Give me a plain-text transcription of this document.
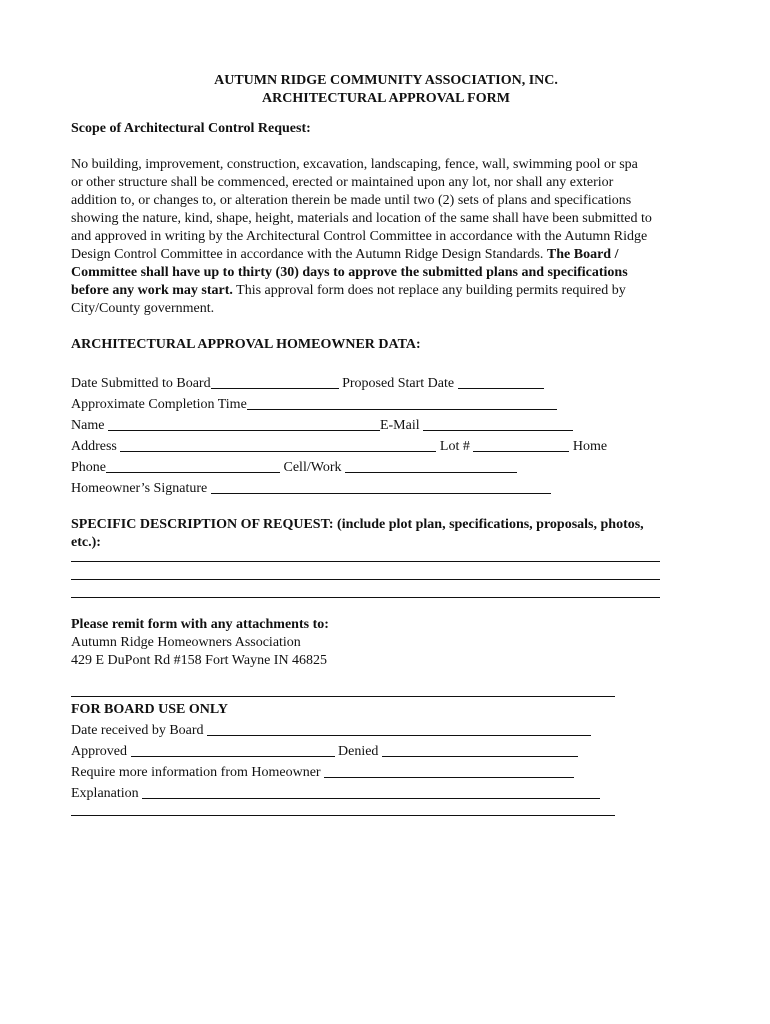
AUTUMN RIDGE COMMUNITY ASSOCIATION, INC.

ARCHITECTURAL APPROVAL FORM

Scope of Architectural Control Request:

No building, improvement, construction, excavation, landscaping, fence, wall, swimming pool or spa

or other structure shall be commenced, erected or maintained upon any lot, nor shall any exterior

addition to, or changes to, or alteration therein be made until two (2) sets of plans and specifications

showing the nature, kind, shape, height, materials and location of the same shall have been submitted to

and approved in writing by the Architectural Control Committee in accordance with the Autumn Ridge

Design Control Committee in accordance with the Autumn Ridge Design Standards. The Board /

Committee shall have up to thirty (30) days to approve the submitted plans and specifications

before any work may start. This approval form does not replace any building permits required by

City/County government.

ARCHITECTURAL APPROVAL HOMEOWNER DATA:

Date Submitted to Board	Proposed Start Date

Approximate Completion Time

Name	E-Mail

Address	Lot #	Home

Phone	Cell/Work

Homeowner’s Signature

SPECIFIC DESCRIPTION OF REQUEST: (include plot plan, specifications, proposals, photos,

etc.):

Please remit form with any attachments to:

Autumn Ridge Homeowners Association

429 E DuPont Rd #158 Fort Wayne IN 46825

FOR BOARD USE ONLY

Date received by Board

Approved	Denied

Require more information from Homeowner

Explanation
